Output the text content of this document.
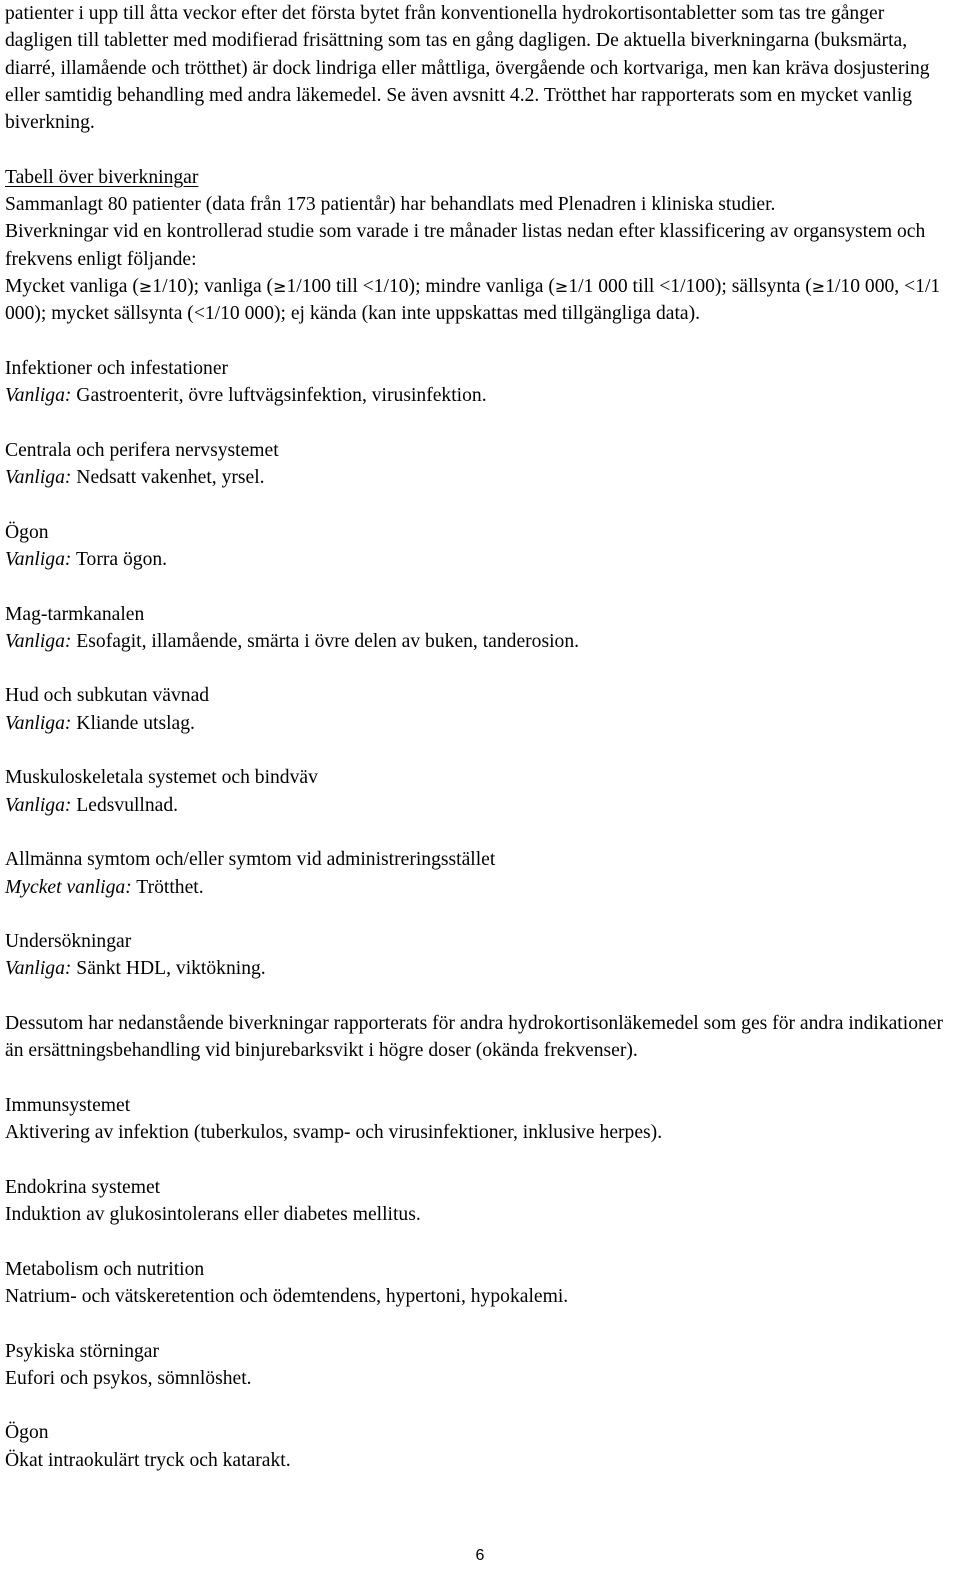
patienter i upp till åtta veckor efter det första bytet från konventionella hydrokortisontabletter som tas tre gånger dagligen till tabletter med modifierad frisättning som tas en gång dagligen. De aktuella biverkningarna (buksmärta, diarré, illamående och trötthet) är dock lindriga eller måttliga, övergående och kortvariga, men kan kräva dosjustering eller samtidig behandling med andra läkemedel. Se även avsnitt 4.2. Trötthet har rapporterats som en mycket vanlig biverkning.

Tabell över biverkningar
Sammanlagt 80 patienter (data från 173 patientår) har behandlats med Plenadren i kliniska studier.
Biverkningar vid en kontrollerad studie som varade i tre månader listas nedan efter klassificering av organsystem och frekvens enligt följande:
Mycket vanliga (≥1/10); vanliga (≥1/100 till <1/10); mindre vanliga (≥1/1 000 till <1/100); sällsynta (≥1/10 000, <1/1 000); mycket sällsynta (<1/10 000); ej kända (kan inte uppskattas med tillgängliga data).

Infektioner och infestationer
Vanliga: Gastroenterit, övre luftvägsinfektion, virusinfektion.

Centrala och perifera nervsystemet
Vanliga: Nedsatt vakenhet, yrsel.

Ögon
Vanliga: Torra ögon.

Mag-tarmkanalen
Vanliga: Esofagit, illamående, smärta i övre delen av buken, tanderosion.

Hud och subkutan vävnad
Vanliga: Kliande utslag.

Muskuloskeletala systemet och bindväv
Vanliga: Ledsvullnad.

Allmänna symtom och/eller symtom vid administreringsstället
Mycket vanliga: Trötthet.

Undersökningar
Vanliga: Sänkt HDL, viktökning.

Dessutom har nedanstående biverkningar rapporterats för andra hydrokortisonläkemedel som ges för andra indikationer än ersättningsbehandling vid binjurebarksvikt i högre doser (okända frekvenser).

Immunsystemet
Aktivering av infektion (tuberkulos, svamp- och virusinfektioner, inklusive herpes).

Endokrina systemet
Induktion av glukosintolerans eller diabetes mellitus.

Metabolism och nutrition
Natrium- och vätskeretention och ödemtendens, hypertoni, hypokalemi.

Psykiska störningar
Eufori och psykos, sömnlöshet.

Ögon
Ökat intraokulärt tryck och katarakt.

6
